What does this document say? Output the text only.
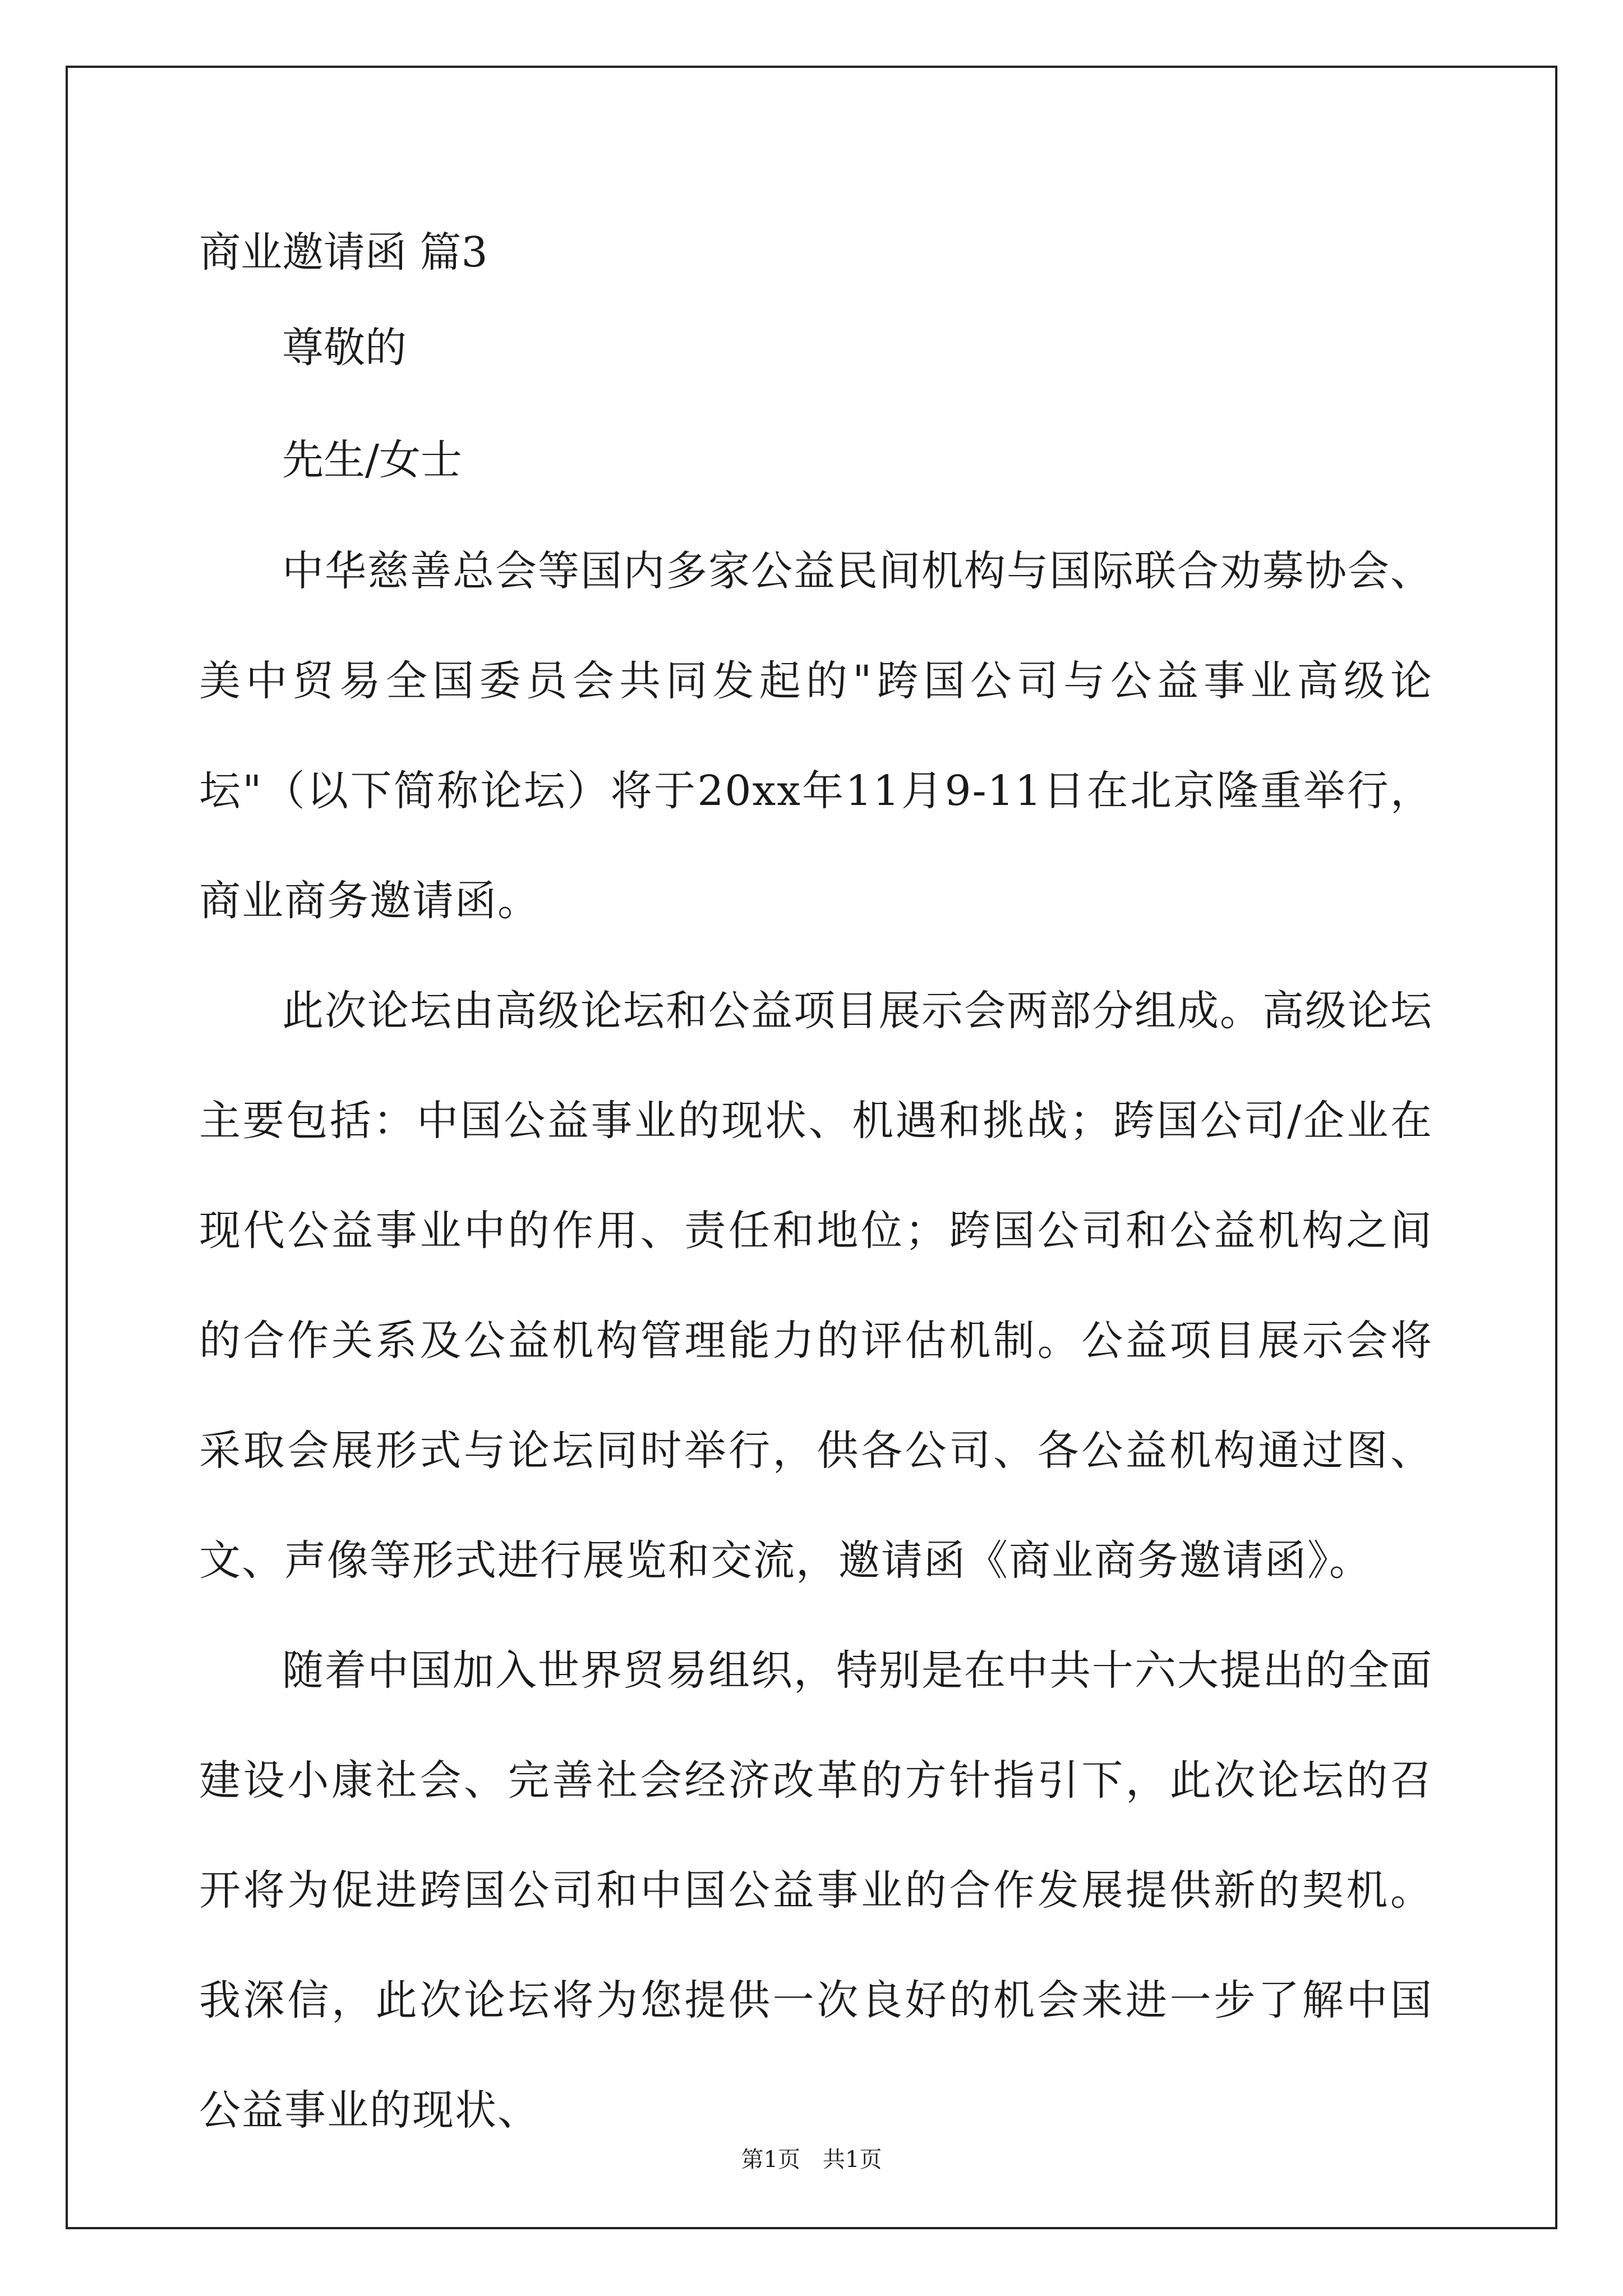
商业邀请函 篇3

尊敬的

先生/女士

中华慈善总会等国内多家公益民间机构与国际联合劝募协会、美中贸易全国委员会共同发起的"跨国公司与公益事业高级论坛"（以下简称论坛）将于20xx年11月9-11日在北京隆重举行，商业商务邀请函。

此次论坛由高级论坛和公益项目展示会两部分组成。高级论坛主要包括：中国公益事业的现状、机遇和挑战；跨国公司/企业在现代公益事业中的作用、责任和地位；跨国公司和公益机构之间的合作关系及公益机构管理能力的评估机制。公益项目展示会将采取会展形式与论坛同时举行，供各公司、各公益机构通过图、文、声像等形式进行展览和交流，邀请函《商业商务邀请函》。

随着中国加入世界贸易组织，特别是在中共十六大提出的全面建设小康社会、完善社会经济改革的方针指引下，此次论坛的召开将为促进跨国公司和中国公益事业的合作发展提供新的契机。我深信，此次论坛将为您提供一次良好的机会来进一步了解中国公益事业的现状、

第1页　共1页
